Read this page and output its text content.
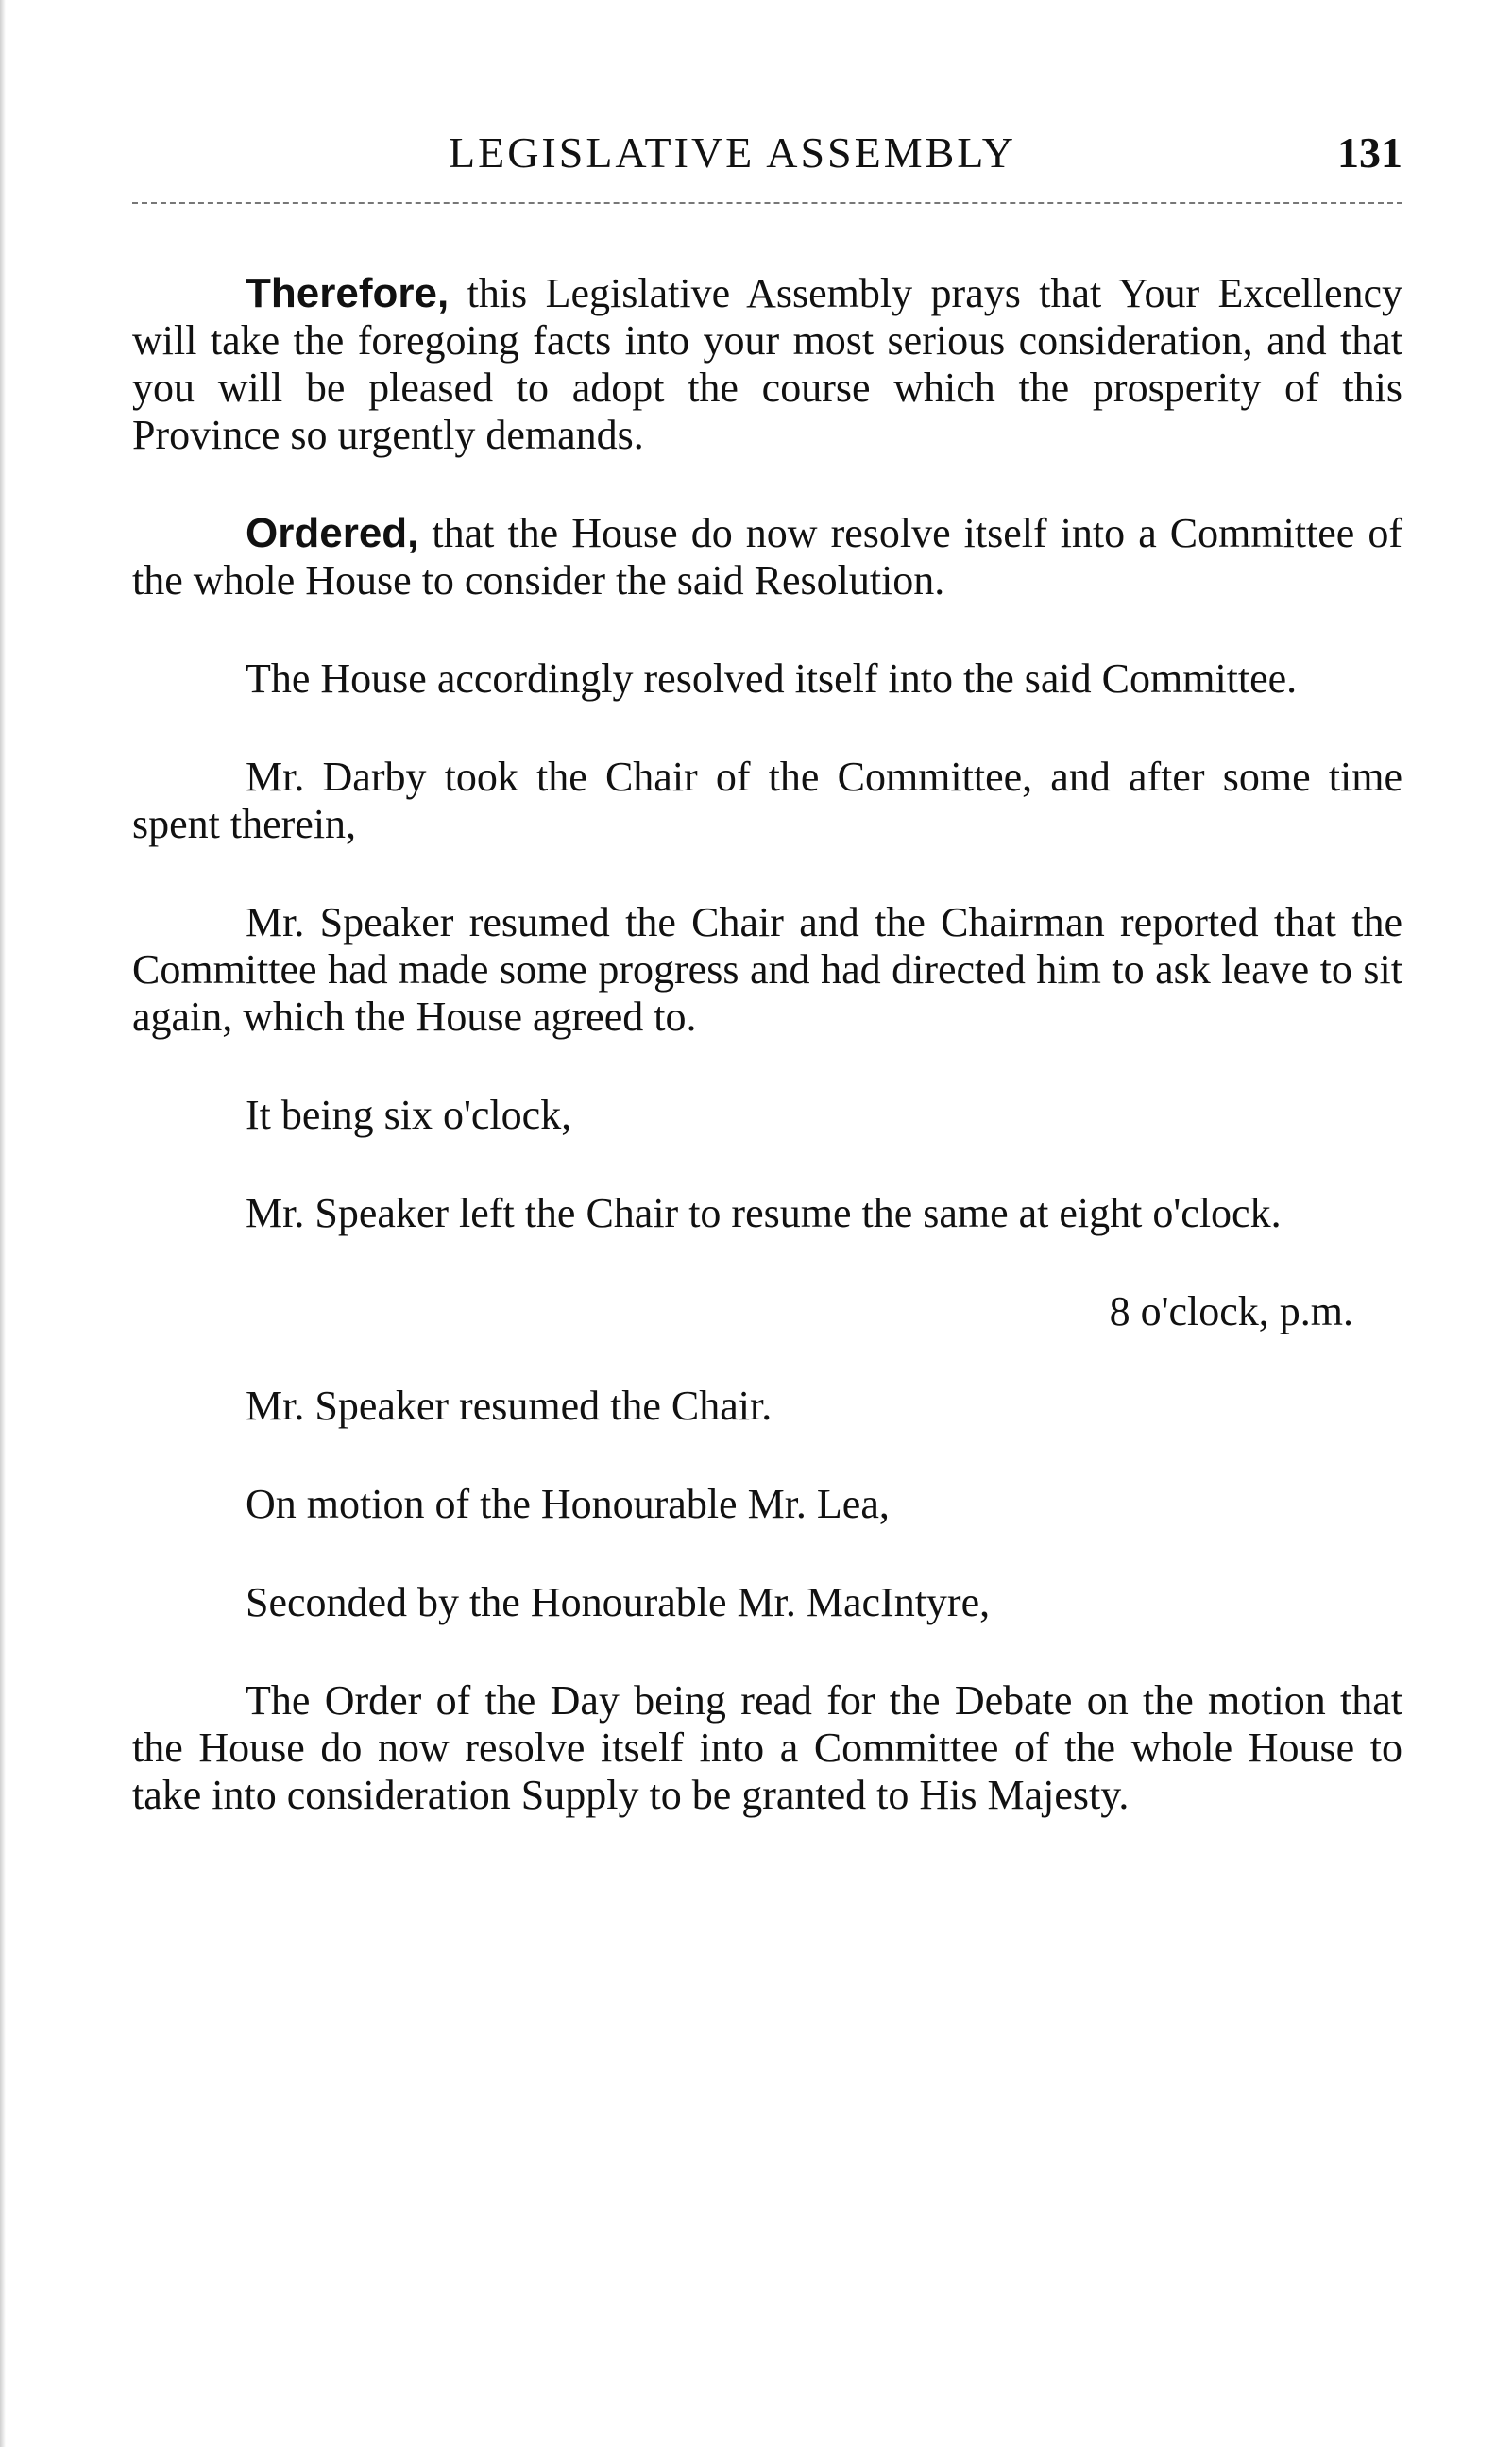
LEGISLATIVE ASSEMBLY	131

Therefore, this Legislative Assembly prays that Your Excellency will take the foregoing facts into your most serious consideration, and that you will be pleased to adopt the course which the prosperity of this Province so urgently demands.

Ordered, that the House do now resolve itself into a Committee of the whole House to consider the said Resolution.

The House accordingly resolved itself into the said Committee.

Mr. Darby took the Chair of the Committee, and after some time spent therein,

Mr. Speaker resumed the Chair and the Chairman reported that the Committee had made some progress and had directed him to ask leave to sit again, which the House agreed to.

It being six o'clock,

Mr. Speaker left the Chair to resume the same at eight o'clock.

8 o'clock, p.m.

Mr. Speaker resumed the Chair.

On motion of the Honourable Mr. Lea,

Seconded by the Honourable Mr. MacIntyre,

The Order of the Day being read for the Debate on the motion that the House do now resolve itself into a Committee of the whole House to take into consideration Supply to be granted to His Majesty.
